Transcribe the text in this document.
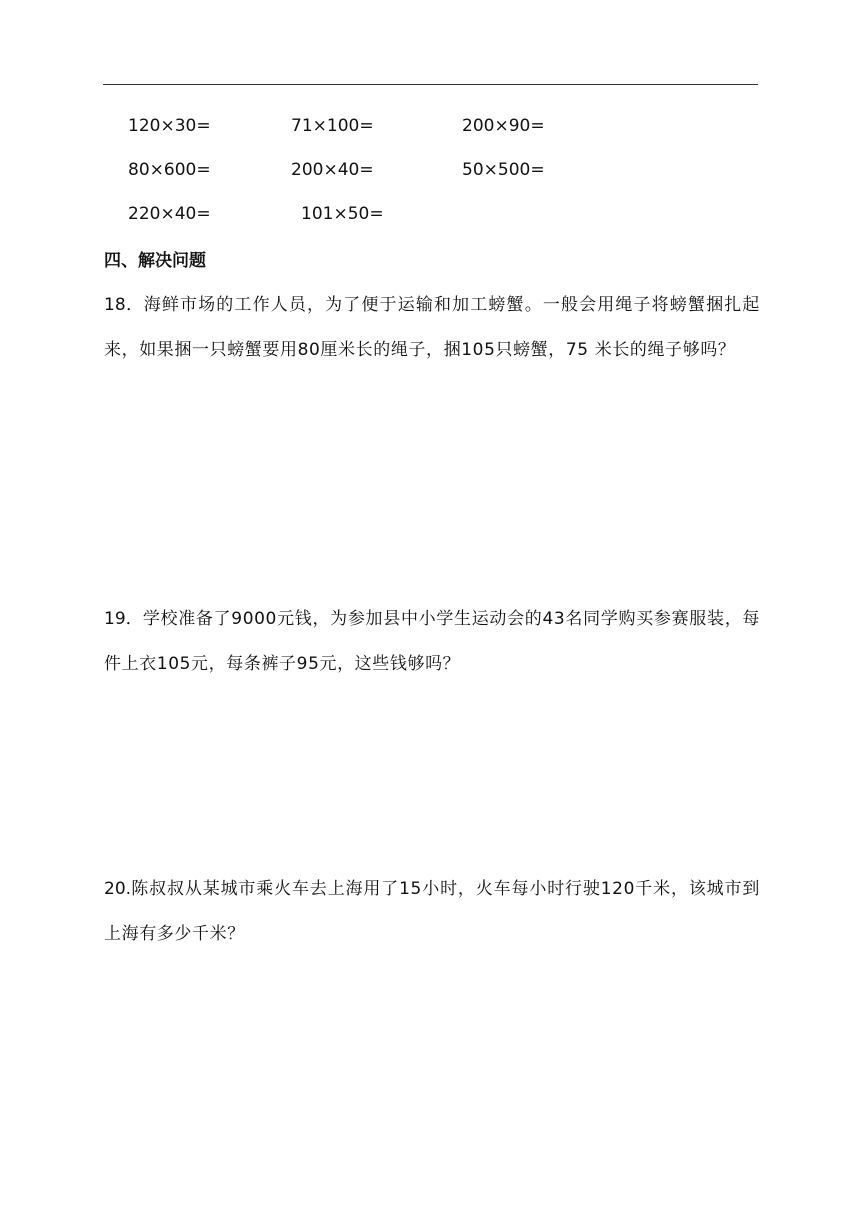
120×30=	71×100=	200×90=
80×600=	200×40=	50×500=
220×40=	101×50=
四、解决问题

18．海鲜市场的工作人员，为了便于运输和加工螃蟹。一般会用绳子将螃蟹捆扎起来，如果捆一只螃蟹要用80厘米长的绳子，捆105只螃蟹，75 米长的绳子够吗？

19．学校准备了9000元钱，为参加县中小学生运动会的43名同学购买参赛服装，每件上衣105元，每条裤子95元，这些钱够吗？

20.陈叔叔从某城市乘火车去上海用了15小时，火车每小时行驶120千米，该城市到上海有多少千米？
